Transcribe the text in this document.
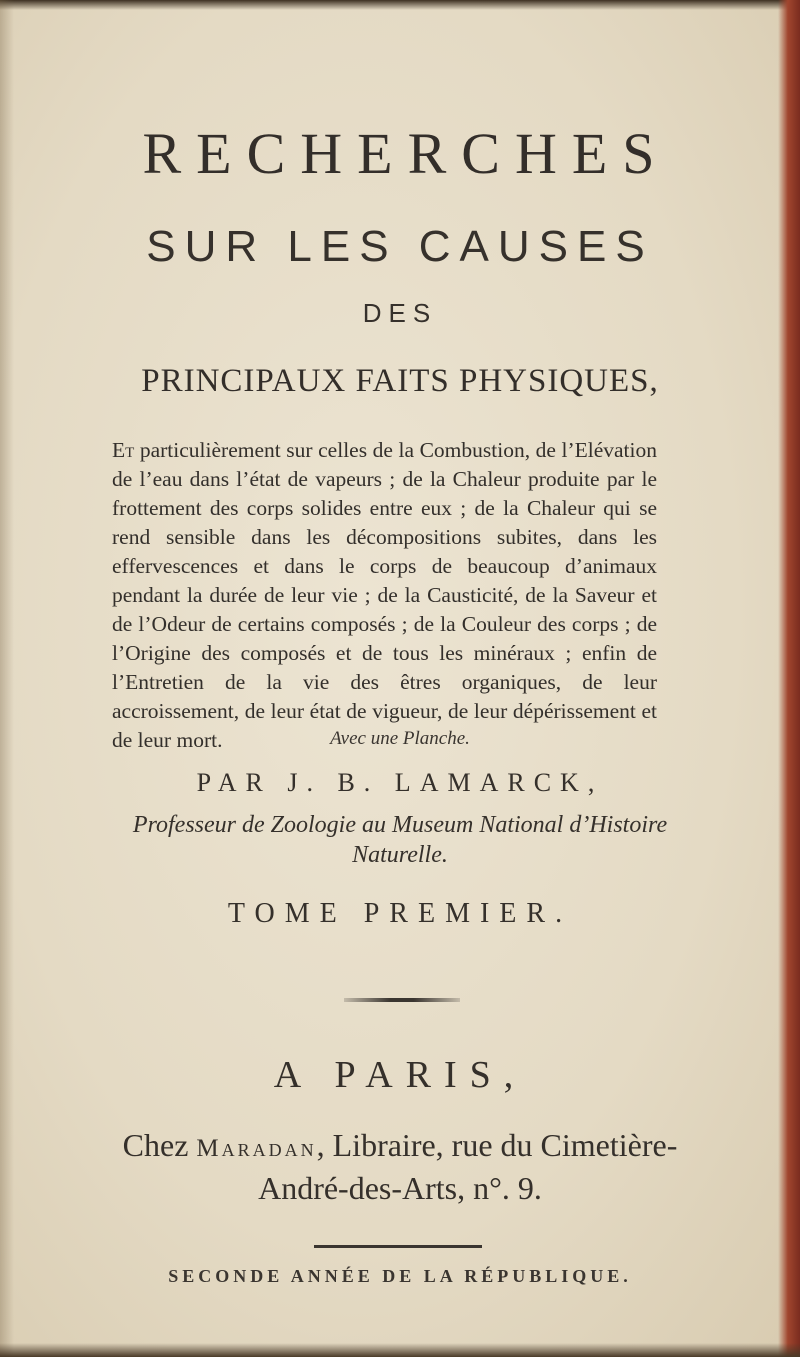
RECHERCHES
SUR LES CAUSES
DES
PRINCIPAUX FAITS PHYSIQUES,
Et particulièrement sur celles de la Combustion, de l’Elévation de l’eau dans l’état de vapeurs ; de la Chaleur produite par le frottement des corps solides entre eux ; de la Chaleur qui se rend sensible dans les décompositions subites, dans les effervescences et dans le corps de beaucoup d’animaux pendant la durée de leur vie ; de la Causticité, de la Saveur et de l’Odeur de certains composés ; de la Couleur des corps ; de l’Origine des composés et de tous les minéraux ; enfin de l’Entretien de la vie des êtres organiques, de leur accroissement, de leur état de vigueur, de leur dépérissement et de leur mort.	Avec une Planche.
PAR J. B. LAMARCK,
Professeur de Zoologie au Museum National d’Histoire Naturelle.
TOME PREMIER.
A PARIS,
Chez Maradan, Libraire, rue du Cimetière-
André-des-Arts, n°. 9.
SECONDE ANNÉE DE LA RÉPUBLIQUE.
